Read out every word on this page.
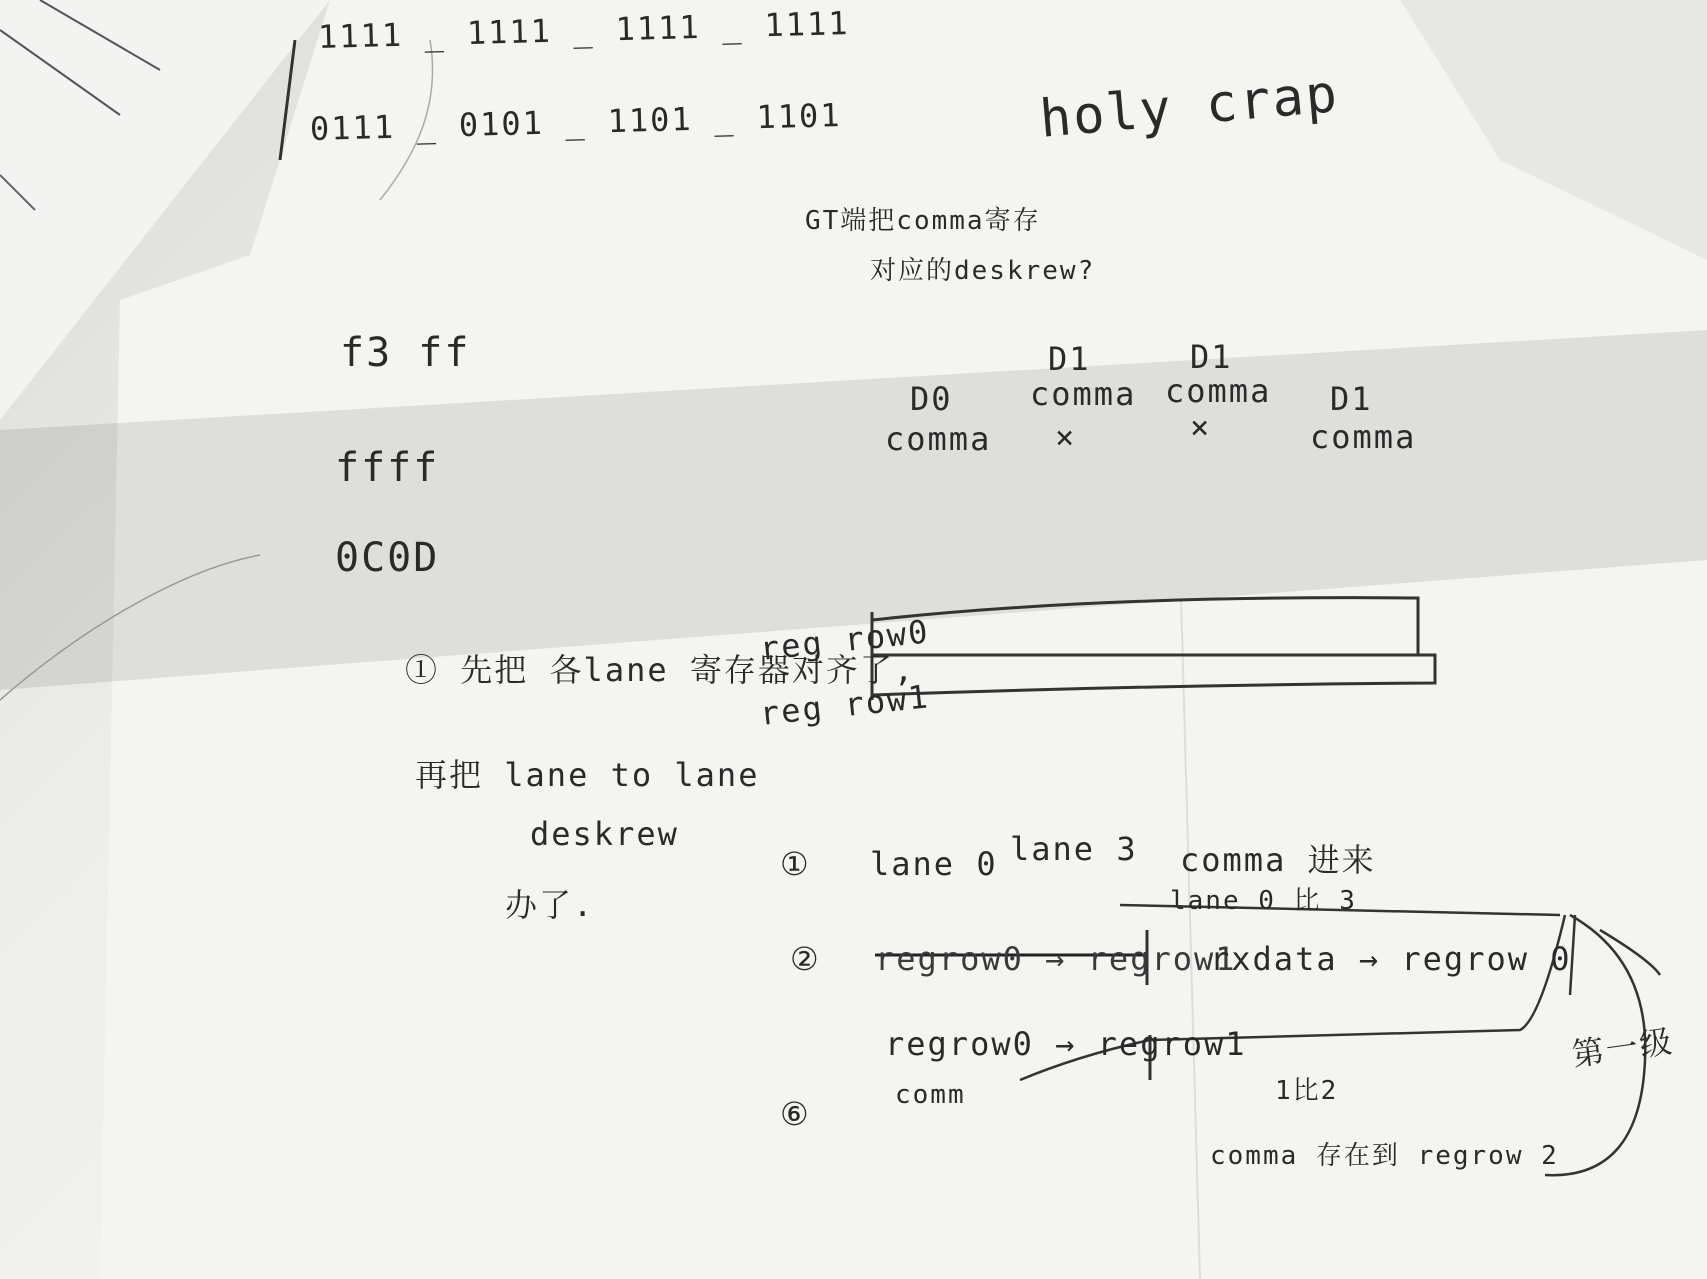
1111 _ 1111 _ 1111 _ 1111
0111 _ 0101 _ 1101 _ 1101	holy crap
GT端把comma寄存
对应的deskrew?
f3 ff
ffff
0C0D
D0
comma
D1
comma
×
D1
comma
×
D1
comma
① 先把 各lane 寄存器对齐了,
再把 lane to lane
deskrew
办了.
reg row0
reg row1
① lane 0 lane 3 comma 进来
lane 0 比 3
② regrow0 → regrow1
rxdata → regrow 0
regrow0 → regrow1
comm
⑥
1比2
comma 存在到 regrow 2
第一级
